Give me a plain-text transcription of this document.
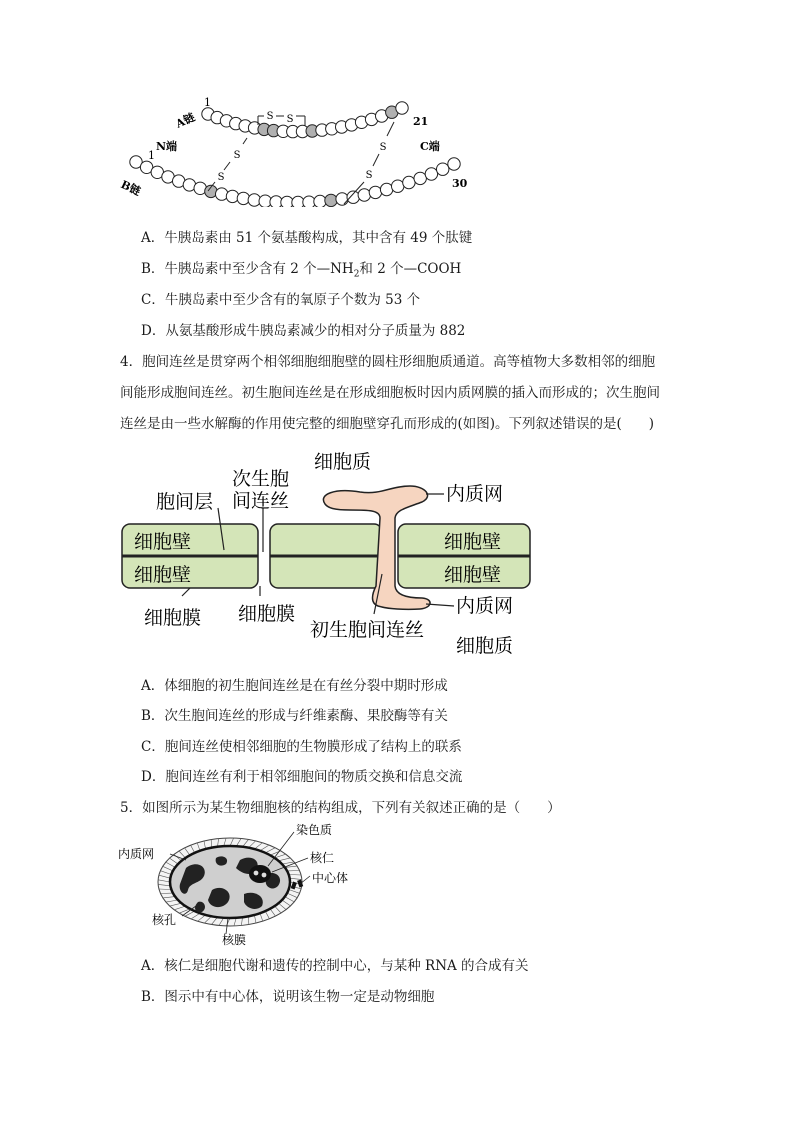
S S
S
S
S
S
1
A链
N端
1
B链
21
C端
30
A．牛胰岛素由 51 个氨基酸构成，其中含有 49 个肽键
B．牛胰岛素中至少含有 2 个$—NH_2$和 2 个—COOH
C．牛胰岛素中至少含有的氧原子个数为 53 个
D．从氨基酸形成牛胰岛素减少的相对分子质量为 882
4．胞间连丝是贯穿两个相邻细胞细胞壁的圆柱形细胞质通道。高等植物大多数相邻的细胞
间能形成胞间连丝。初生胞间连丝是在形成细胞板时因内质网膜的插入而形成的；次生胞间
连丝是由一些水解酶的作用使完整的细胞壁穿孔而形成的(如图)。下列叙述错误的是(　　)
细胞质
次生胞
间连丝
胞间层	内质网
细胞壁
细胞壁
细胞壁
细胞壁
细胞膜 细胞膜	内质网
初生胞间连丝
细胞质
A．体细胞的初生胞间连丝是在有丝分裂中期时形成
B．次生胞间连丝的形成与纤维素酶、果胶酶等有关
C．胞间连丝使相邻细胞的生物膜形成了结构上的联系
D．胞间连丝有利于相邻细胞间的物质交换和信息交流
5．如图所示为某生物细胞核的结构组成，下列有关叙述正确的是（　　）
染色质
内质网	核仁
中心体
核孔
核膜
A．核仁是细胞代谢和遗传的控制中心，与某种 RNA 的合成有关
B．图示中有中心体，说明该生物一定是动物细胞
